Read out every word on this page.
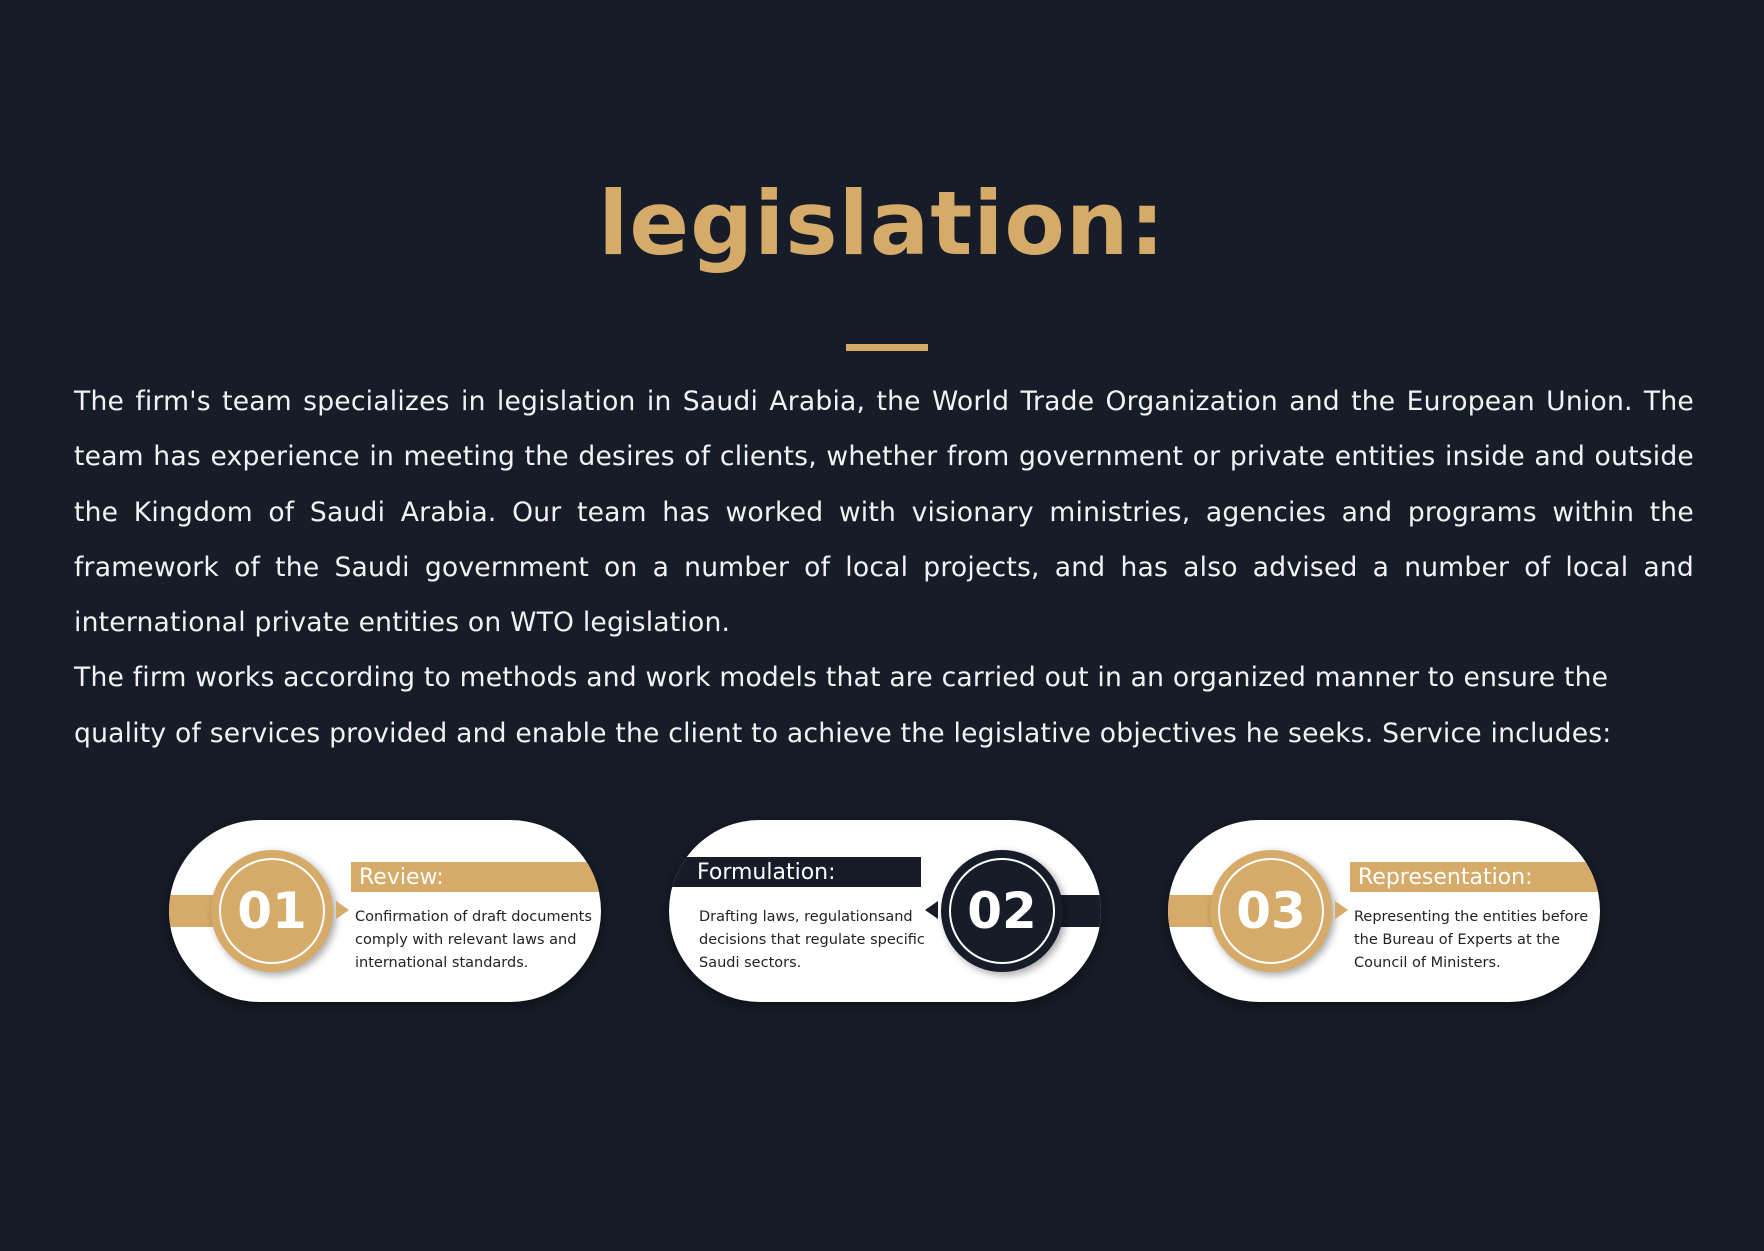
legislation:

The firm's team specializes in legislation in Saudi Arabia, the World Trade Organization and the European Union. The team has experience in meeting the desires of clients, whether from government or private entities inside and outside the Kingdom of Saudi Arabia. Our team has worked with visionary ministries, agencies and programs within the framework of the Saudi government on a number of local projects, and has also advised a number of local and international private entities on WTO legislation.

The firm works according to methods and work models that are carried out in an organized manner to ensure the quality of services provided and enable the client to achieve the legislative objectives he seeks. Service includes:

01
Review:
Confirmation of draft documents comply with relevant laws and international standards.
Formulation:
Drafting laws, regulationsand decisions that regulate specific Saudi sectors.
02	03
Representation:
Representing the entities before the Bureau of Experts at the Council of Ministers.
